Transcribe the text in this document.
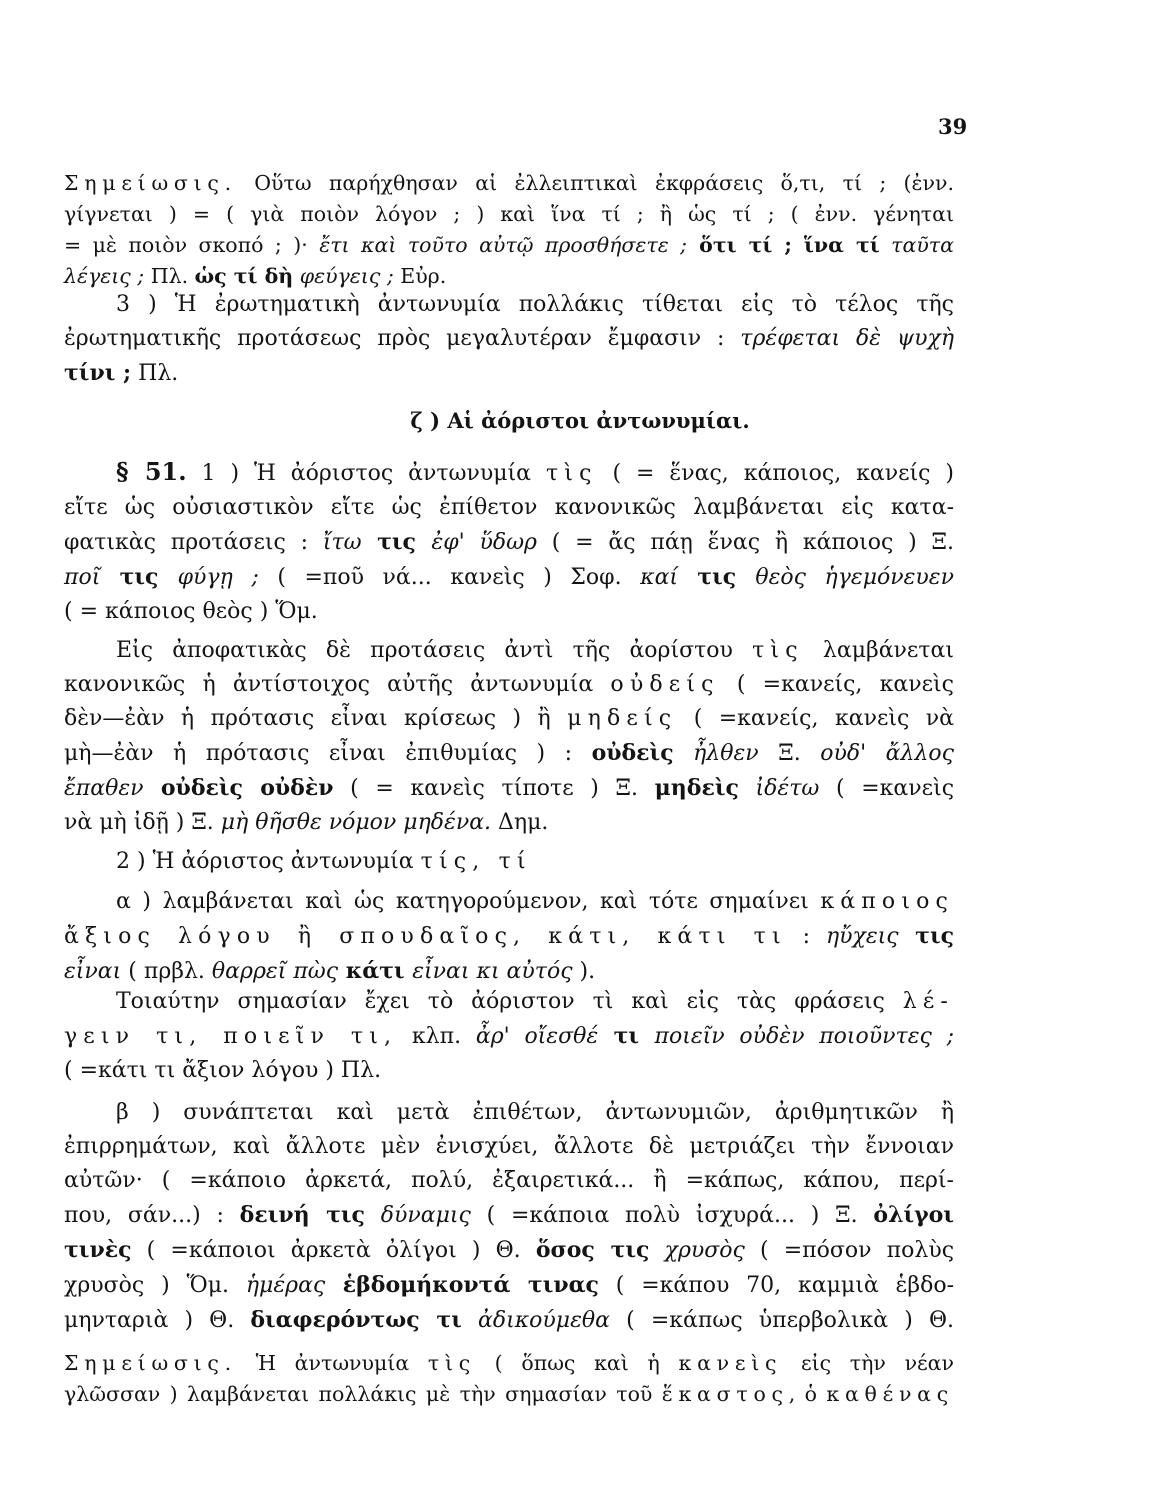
39
Σημείωσις. Οὕτω παρήχθησαν αἱ ἐλλειπτικαὶ ἐκφράσεις ὅ,τι, τί ; (ἐνν.
γίγνεται ) = ( γιὰ ποιὸν λόγον ; ) καὶ ἵνα τί ; ἢ ὡς τί ; ( ἐνν. γένηται
= μὲ ποιὸν σκοπό ; )· ἔτι καὶ τοῦτο αὐτῷ προσθήσετε ; ὅτι τί ; ἵνα τί ταῦτα
λέγεις ; Πλ. ὡς τί δὴ φεύγεις ; Εὐρ.
3 ) Ἡ ἐρωτηματικὴ ἀντωνυμία πολλάκις τίθεται εἰς τὸ τέλος τῆς
ἐρωτηματικῆς προτάσεως πρὸς μεγαλυτέραν ἔμφασιν : τρέφεται δὲ ψυχὴ
τίνι ; Πλ.
ζ ) Αἱ ἀόριστοι ἀντωνυμίαι.
§ 51. 1 ) Ἡ ἀόριστος ἀντωνυμία τὶς ( = ἕνας, κάποιος, κανείς )
εἴτε ὡς οὐσιαστικὸν εἴτε ὡς ἐπίθετον κανονικῶς λαμβάνεται εἰς κατα-
φατικὰς προτάσεις : ἴτω τις ἐφ' ὕδωρ ( = ἄς πάῃ ἕνας ἢ κάποιος ) Ξ.
ποῖ τις φύγῃ ; ( =ποῦ νά... κανεὶς ) Σοφ. καί τις θεὸς ἡγεμόνευεν
( = κάποιος θεὸς ) Ὅμ.
Εἰς ἀποφατικὰς δὲ προτάσεις ἀντὶ τῆς ἀορίστου τὶς λαμβάνεται
κανονικῶς ἡ ἀντίστοιχος αὐτῆς ἀντωνυμία οὐδείς ( =κανείς, κανεὶς
δὲν—ἐὰν ἡ πρότασις εἶναι κρίσεως ) ἢ μηδείς ( =κανείς, κανεὶς νὰ
μὴ—ἐὰν ἡ πρότασις εἶναι ἐπιθυμίας ) : οὐδεὶς ἦλθεν Ξ. οὐδ' ἄλλος
ἔπαθεν οὐδεὶς οὐδὲν ( = κανεὶς τίποτε ) Ξ. μηδεὶς ἰδέτω ( =κανεὶς
νὰ μὴ ἰδῇ ) Ξ. μὴ θῆσθε νόμον μηδένα. Δημ.
2 ) Ἡ ἀόριστος ἀντωνυμία τίς, τί
α ) λαμβάνεται καὶ ὡς κατηγορούμενον, καὶ τότε σημαίνει κάποιος
ἄξιος λόγου ἢ σπουδαῖος, κάτι, κάτι τι : ηὔχεις τις
εἶναι ( πρβλ. θαρρεῖ πὼς κάτι εἶναι κι αὐτός ).
Τοιαύτην σημασίαν ἔχει τὸ ἀόριστον τὶ καὶ εἰς τὰς φράσεις λέ-
γειν τι, ποιεῖν τι, κλπ. ἆρ' οἴεσθέ τι ποιεῖν οὐδὲν ποιοῦντες ;
( =κάτι τι ἄξιον λόγου ) Πλ.
β ) συνάπτεται καὶ μετὰ ἐπιθέτων, ἀντωνυμιῶν, ἀριθμητικῶν ἢ
ἐπιρρημάτων, καὶ ἄλλοτε μὲν ἐνισχύει, ἄλλοτε δὲ μετριάζει τὴν ἔννοιαν
αὐτῶν· ( =κάποιο ἀρκετά, πολύ, ἐξαιρετικά... ἢ =κάπως, κάπου, περί-
που, σάν...) : δεινή τις δύναμις ( =κάποια πολὺ ἰσχυρά... ) Ξ. ὀλίγοι
τινὲς ( =κάποιοι ἀρκετὰ ὀλίγοι ) Θ. ὅσος τις χρυσὸς ( =πόσον πολὺς
χρυσὸς ) Ὅμ. ἡμέρας ἑβδομήκοντά τινας ( =κάπου 70, καμμιὰ ἑβδο-
μηνταριὰ ) Θ. διαφερόντως τι ἀδικούμεθα ( =κάπως ὑπερβολικὰ ) Θ.
Σημείωσις. Ἡ ἀντωνυμία τὶς ( ὅπως καὶ ἡ κανεὶς εἰς τὴν νέαν
γλῶσσαν ) λαμβάνεται πολλάκις μὲ τὴν σημασίαν τοῦ ἕκαστος, ὁ καθένας
